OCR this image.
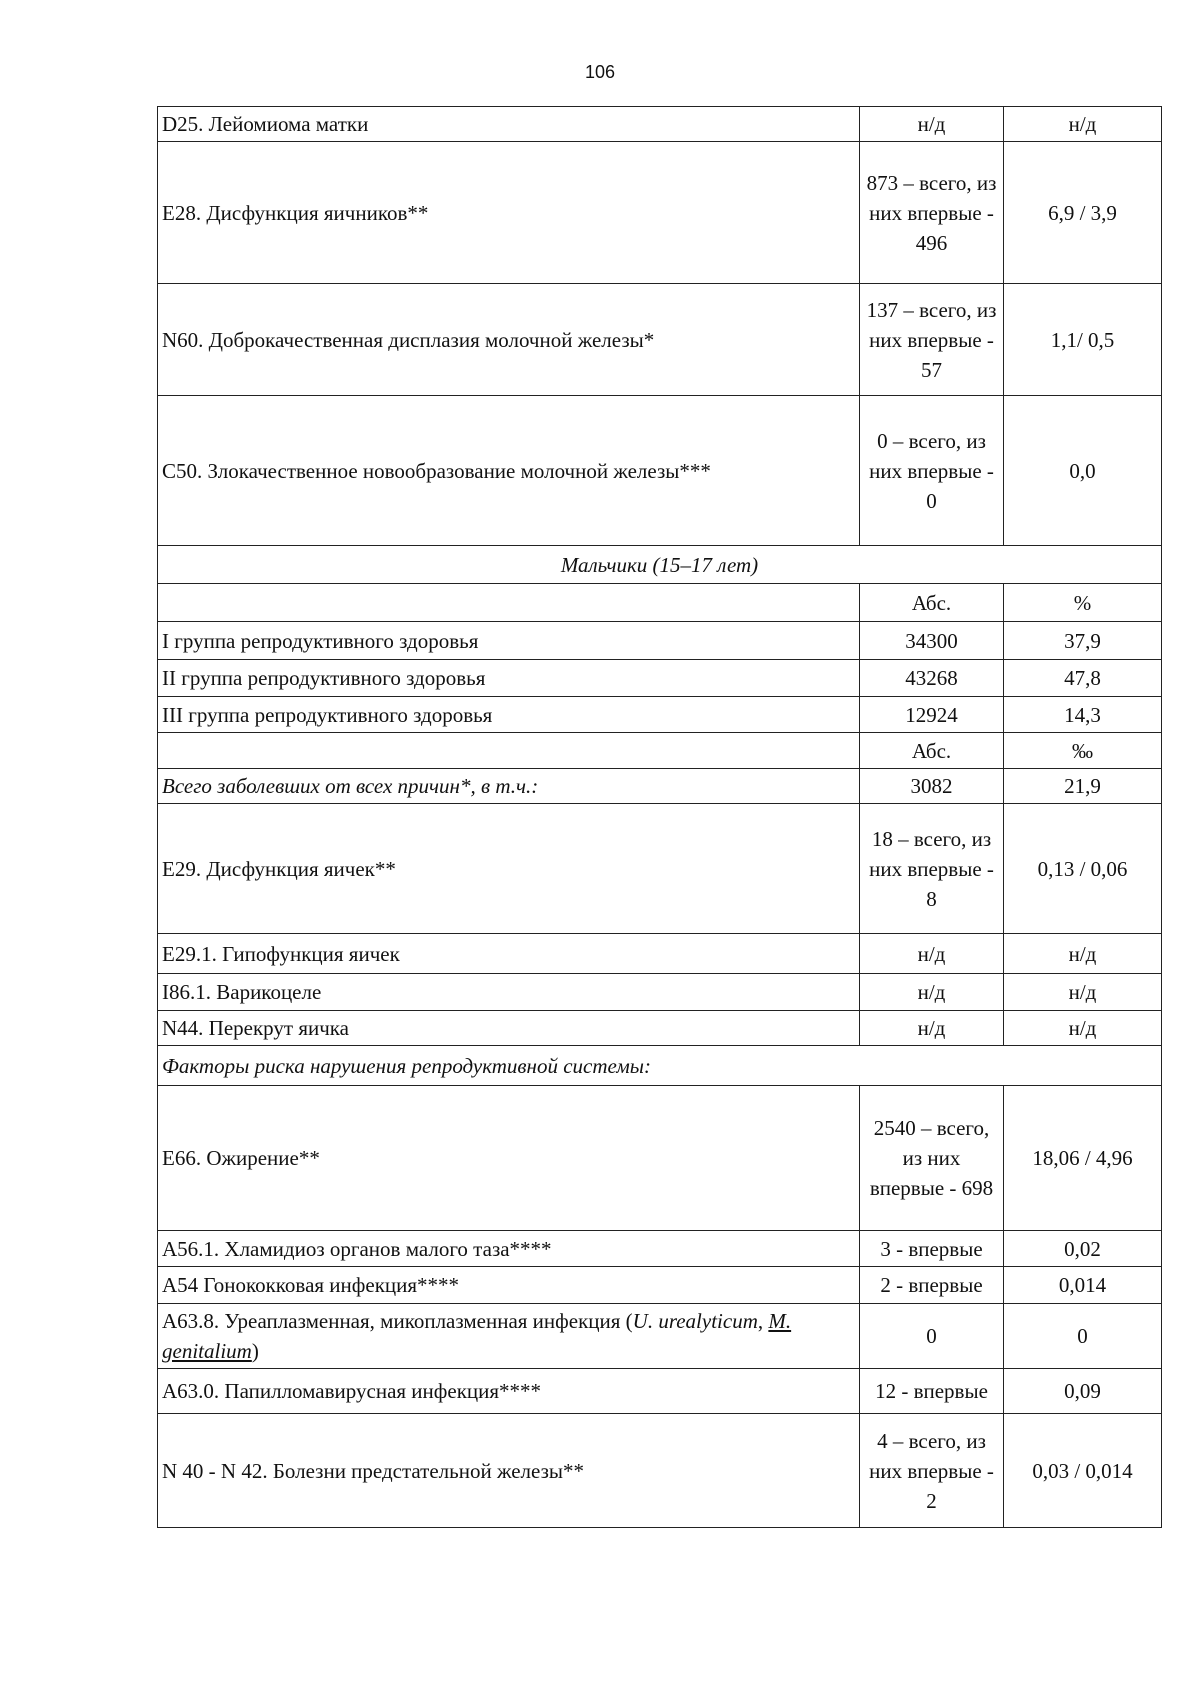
106
D25. Лейомиома матки	н/д	н/д
E28. Дисфункция яичников**	873 – всего, из них впервые - 496	6,9 / 3,9
N60. Доброкачественная дисплазия молочной железы*	137 – всего, из них впервые - 57	1,1/ 0,5
C50. Злокачественное новообразование молочной железы***	0 – всего, из них впервые - 0	0,0
Мальчики (15–17 лет)		
	Абс.	%
I группа репродуктивного здоровья	34300	37,9
II группа репродуктивного здоровья	43268	47,8
III группа репродуктивного здоровья	12924	14,3
	Абс.	‰
Всего заболевших от всех причин*, в т.ч.:	3082	21,9
E29. Дисфункция яичек**	18 – всего, из них впервые - 8	0,13 / 0,06
E29.1. Гипофункция яичек	н/д	н/д
I86.1. Варикоцеле	н/д	н/д
N44. Перекрут яичка	н/д	н/д
Факторы риска нарушения репродуктивной системы:		
E66. Ожирение**	2540 – всего, из них впервые - 698	18,06 / 4,96
A56.1. Хламидиоз органов малого таза****	3 - впервые	0,02
A54 Гонококковая инфекция****	2 - впервые	0,014
A63.8. Уреаплазменная, микоплазменная инфекция (U. urealyticum, M. genitalium)	0	0
A63.0. Папилломавирусная инфекция****	12 - впервые	0,09
N 40 - N 42. Болезни предстательной железы**	4 – всего, из них впервые - 2	0,03 / 0,014
